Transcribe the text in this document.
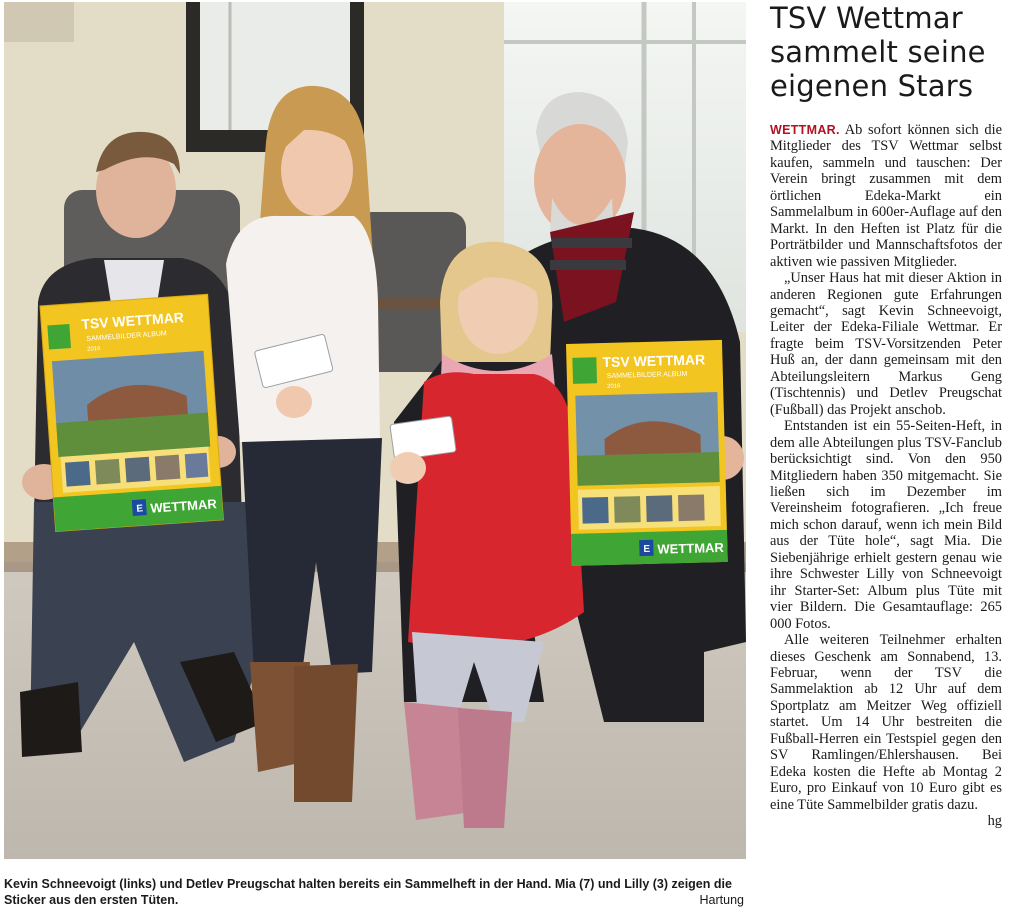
TSV WETTMAR
SAMMELBILDER ALBUM
2016
E WETTMAR
TSV WETTMAR
SAMMELBILDER ALBUM
2016
E WETTMAR
Kevin Schneevoigt (links) und Detlev Preugschat halten bereits ein Sammelheft in der Hand. Mia (7) und Lilly (3) zeigen die Sticker aus den ersten Tüten.	Hartung
TSV Wettmar
sammelt seine
eigenen Stars

WETTMAR. Ab sofort können sich die Mitglieder des TSV Wettmar selbst kaufen, sammeln und tauschen: Der Verein bringt zusammen mit dem örtlichen Edeka-Markt ein Sammelalbum in 600er-Auflage auf den Markt. In den Heften ist Platz für die Porträtbilder und Mannschaftsfotos der aktiven wie passiven Mitglieder.

„Unser Haus hat mit dieser Aktion in anderen Regionen gute Erfahrungen gemacht“, sagt Kevin Schneevoigt, Leiter der Edeka-Filiale Wettmar. Er fragte beim TSV-Vorsitzenden Peter Huß an, der dann gemeinsam mit den Abteilungsleitern Markus Geng (Tischtennis) und Detlev Preugschat (Fußball) das Projekt anschob.

Entstanden ist ein 55-Seiten-Heft, in dem alle Abteilungen plus TSV-Fanclub berücksichtigt sind. Von den 950 Mitgliedern haben 350 mitgemacht. Sie ließen sich im Dezember im Vereinsheim fotografieren. „Ich freue mich schon darauf, wenn ich mein Bild aus der Tüte hole“, sagt Mia. Die Siebenjährige erhielt gestern genau wie ihre Schwester Lilly von Schneevoigt ihr Starter-Set: Album plus Tüte mit vier Bildern. Die Gesamtauflage: 265 000 Fotos.

Alle weiteren Teilnehmer erhalten dieses Geschenk am Sonnabend, 13. Februar, wenn der TSV die Sammelaktion ab 12 Uhr auf dem Sportplatz am Meitzer Weg offiziell startet. Um 14 Uhr bestreiten die Fußball-Herren ein Testspiel gegen den SV Ramlingen/Ehlershausen. Bei Edeka kosten die Hefte ab Montag 2 Euro, pro Einkauf von 10 Euro gibt es eine Tüte Sammelbilder gratis dazu.
hg
